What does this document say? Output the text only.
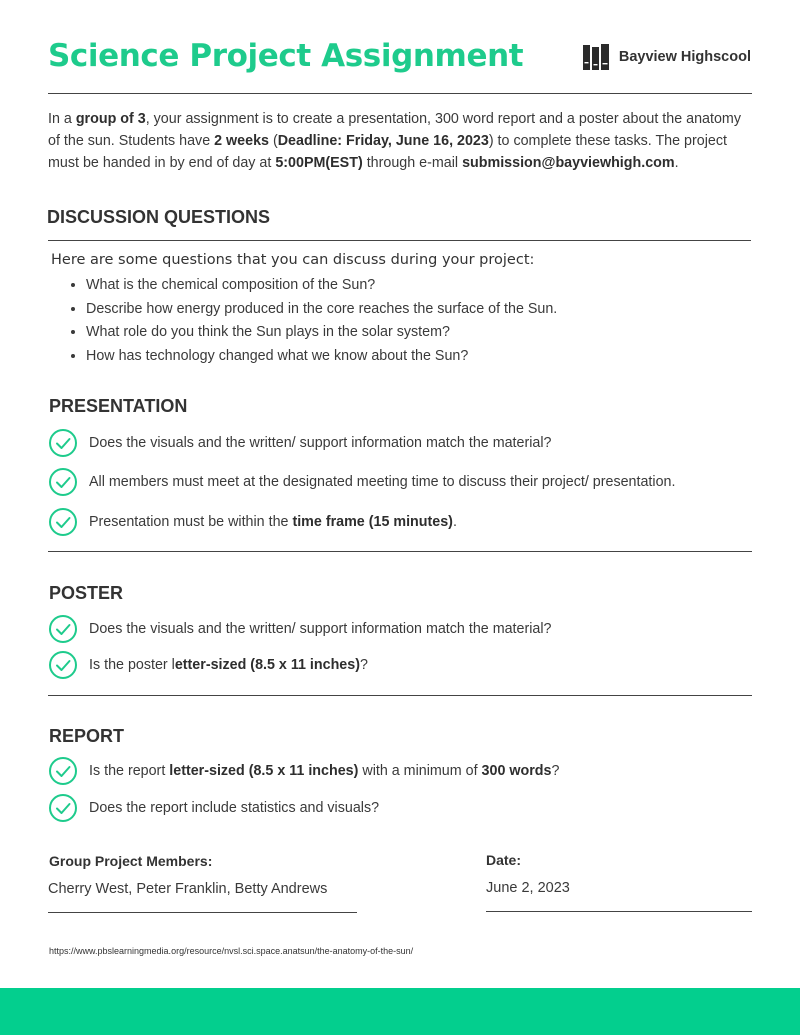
Science Project Assignment	Bayview Highscool
In a group of 3, your assignment is to create a presentation, 300 word report and a poster about the anatomy of the sun. Students have 2 weeks (Deadline: Friday, June 16, 2023) to complete these tasks. The project must be handed in by end of day at 5:00PM(EST) through e-mail submission@bayviewhigh.com.
DISCUSSION QUESTIONS
Here are some questions that you can discuss during your project:
• What is the chemical composition of the Sun?
• Describe how energy produced in the core reaches the surface of the Sun.
• What role do you think the Sun plays in the solar system?
• How has technology changed what we know about the Sun?
PRESENTATION
Does the visuals and the written/ support information match the material?
All members must meet at the designated meeting time to discuss their project/ presentation.
Presentation must be within the time frame (15 minutes).
POSTER
Does the visuals and the written/ support information match the material?
Is the poster letter-sized (8.5 x 11 inches)?
REPORT
Is the report letter-sized (8.5 x 11 inches) with a minimum of 300 words?
Does the report include statistics and visuals?
Group Project Members:
Cherry West, Peter Franklin, Betty Andrews
Date:
June 2, 2023
https://www.pbslearningmedia.org/resource/nvsl.sci.space.anatsun/the-anatomy-of-the-sun/
